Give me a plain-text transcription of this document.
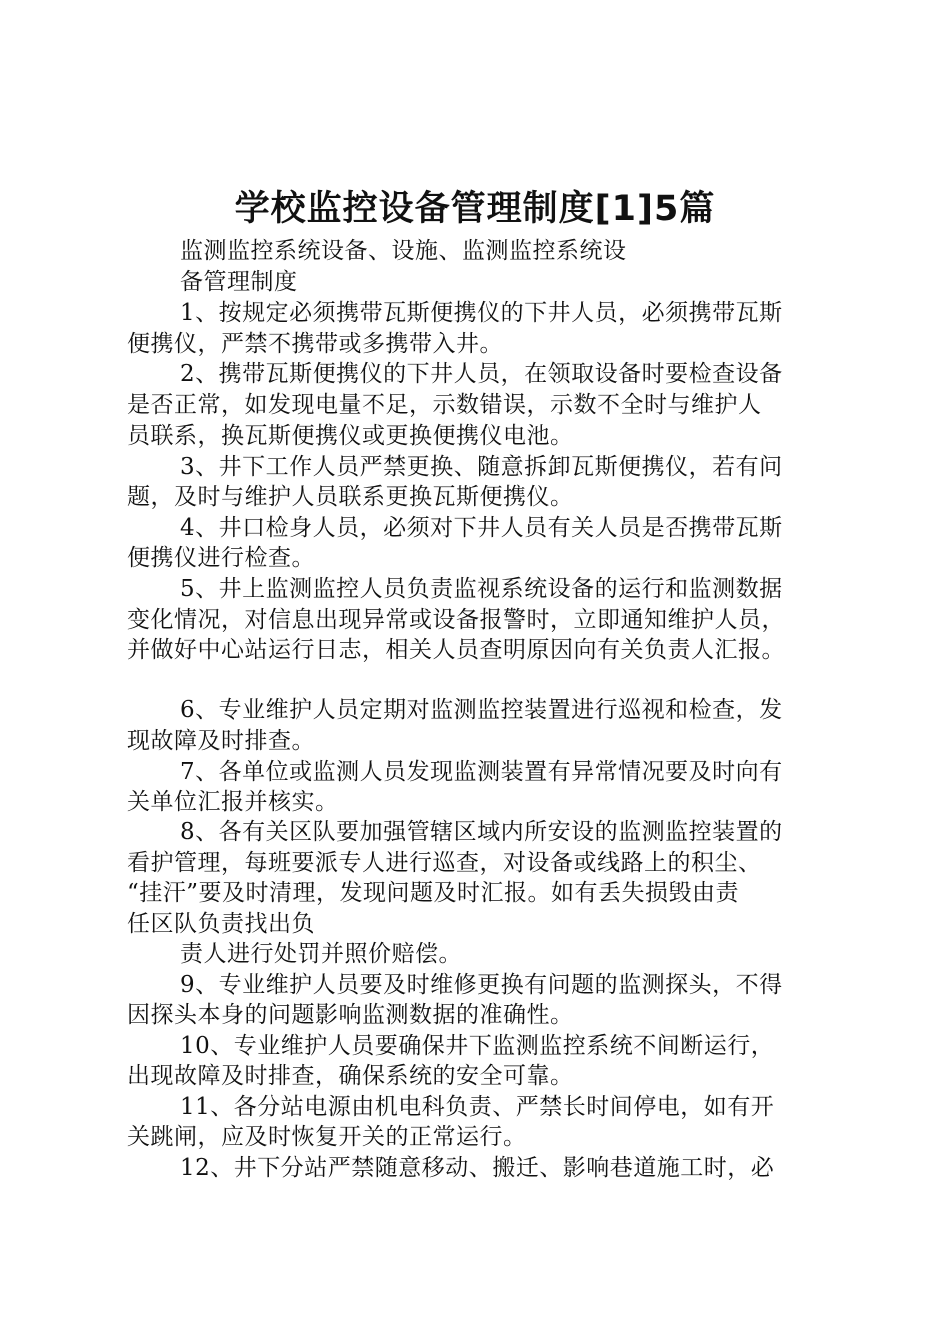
学校监控设备管理制度[1]5篇
监测监控系统设备、设施、监测监控系统设
备管理制度
1、按规定必须携带瓦斯便携仪的下井人员，必须携带瓦斯
便携仪，严禁不携带或多携带入井。
2、携带瓦斯便携仪的下井人员，在领取设备时要检查设备
是否正常，如发现电量不足，示数错误，示数不全时与维护人
员联系，换瓦斯便携仪或更换便携仪电池。
3、井下工作人员严禁更换、随意拆卸瓦斯便携仪，若有问
题，及时与维护人员联系更换瓦斯便携仪。
4、井口检身人员，必须对下井人员有关人员是否携带瓦斯
便携仪进行检查。
5、井上监测监控人员负责监视系统设备的运行和监测数据
变化情况，对信息出现异常或设备报警时，立即通知维护人员，
并做好中心站运行日志，相关人员查明原因向有关负责人汇报。
6、专业维护人员定期对监测监控装置进行巡视和检查，发
现故障及时排查。
7、各单位或监测人员发现监测装置有异常情况要及时向有
关单位汇报并核实。
8、各有关区队要加强管辖区域内所安设的监测监控装置的
看护管理，每班要派专人进行巡查，对设备或线路上的积尘、
“挂汗”要及时清理，发现问题及时汇报。如有丢失损毁由责
任区队负责找出负
责人进行处罚并照价赔偿。
9、专业维护人员要及时维修更换有问题的监测探头，不得
因探头本身的问题影响监测数据的准确性。
10、专业维护人员要确保井下监测监控系统不间断运行，
出现故障及时排查，确保系统的安全可靠。
11、各分站电源由机电科负责、严禁长时间停电，如有开
关跳闸，应及时恢复开关的正常运行。
12、井下分站严禁随意移动、搬迁、影响巷道施工时，必
